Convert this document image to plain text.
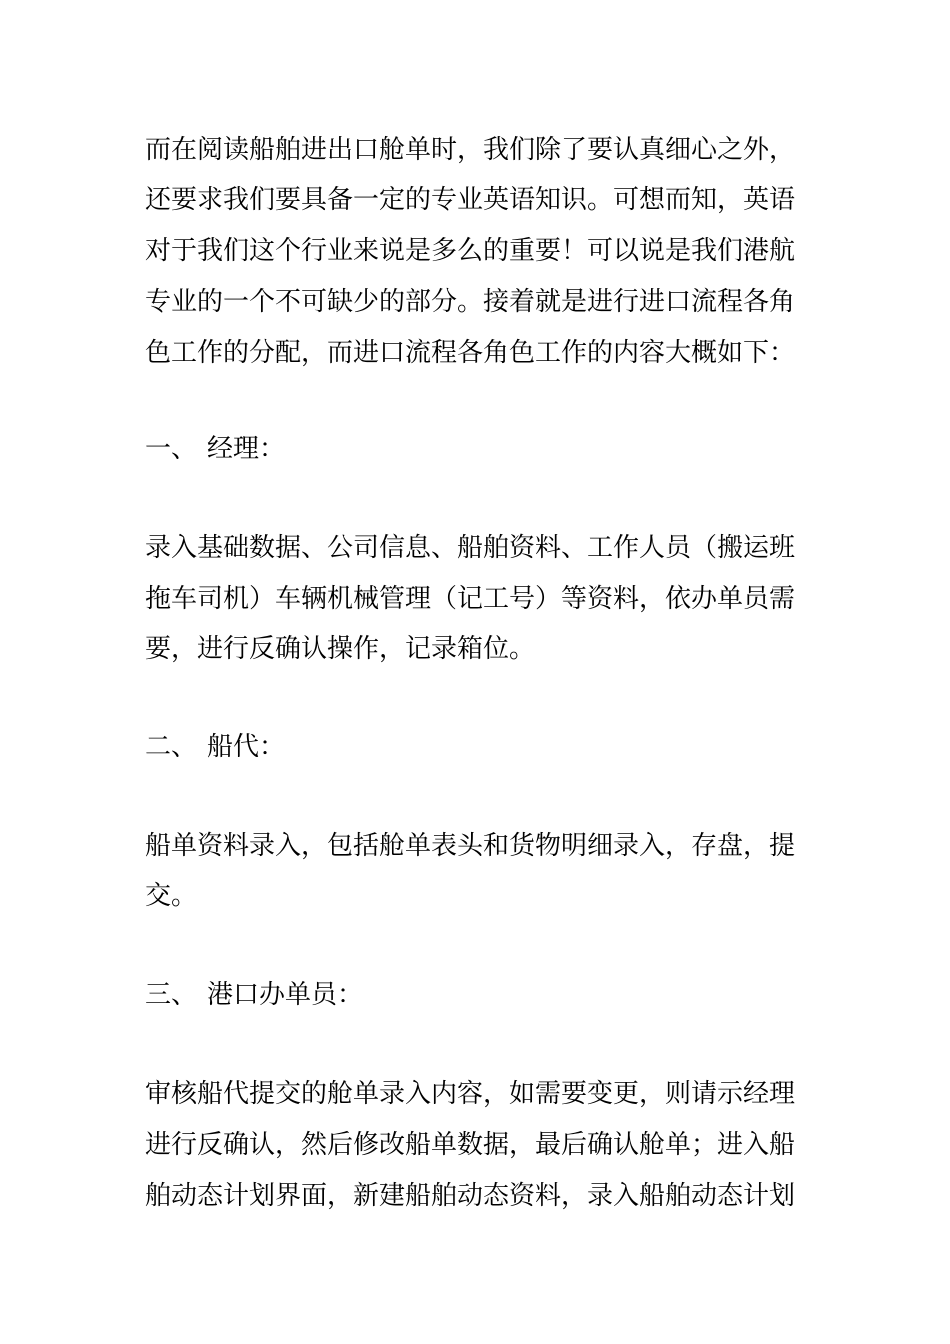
而在阅读船舶进出口舱单时，我们除了要认真细心之外，
还要求我们要具备一定的专业英语知识。可想而知，英语
对于我们这个行业来说是多么的重要！可以说是我们港航
专业的一个不可缺少的部分。接着就是进行进口流程各角
色工作的分配，而进口流程各角色工作的内容大概如下：
一、 经理：
录入基础数据、公司信息、船舶资料、工作人员（搬运班
拖车司机）车辆机械管理（记工号）等资料，依办单员需
要，进行反确认操作，记录箱位。
二、 船代：
船单资料录入，包括舱单表头和货物明细录入，存盘，提
交。
三、 港口办单员：
审核船代提交的舱单录入内容，如需要变更，则请示经理
进行反确认，然后修改船单数据，最后确认舱单；进入船
舶动态计划界面，新建船舶动态资料，录入船舶动态计划
